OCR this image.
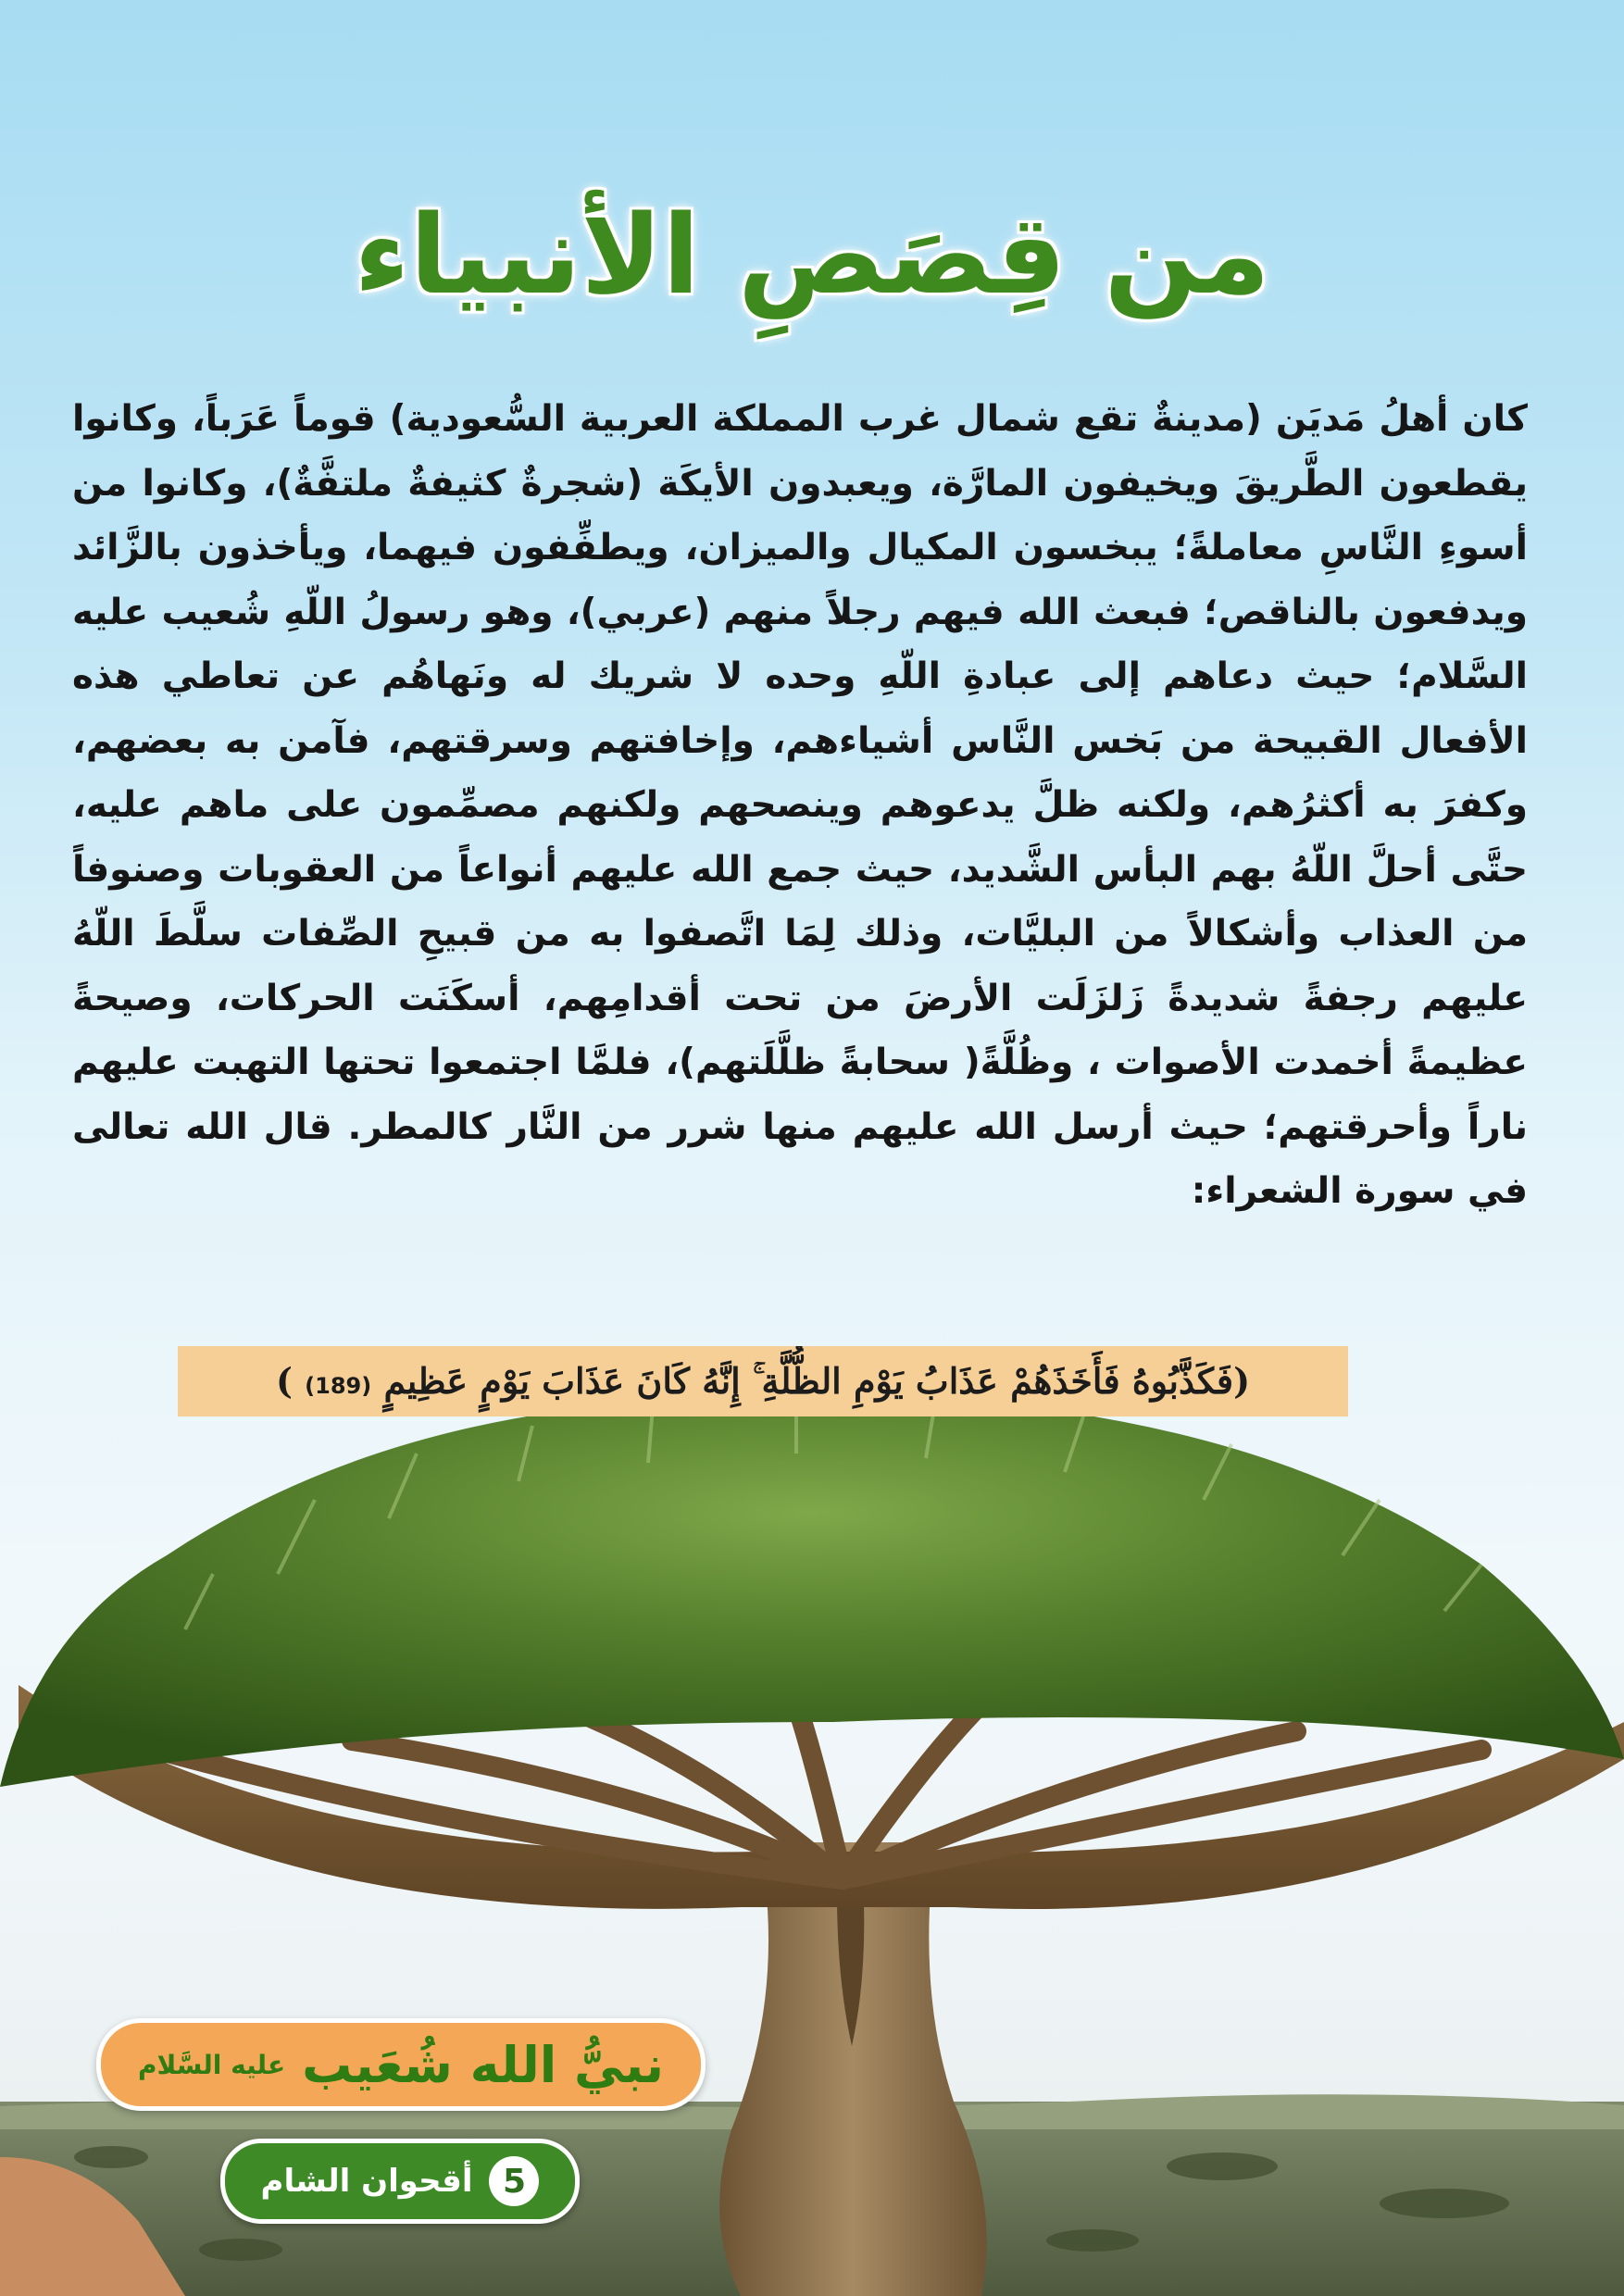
من قِصَصِ الأنبياء
كان أهلُ مَديَن (مدينةٌ تقع شمال غرب المملكة العربية السُّعودية) قوماً عَرَباً، وكانوا يقطعون الطَّريقَ ويخيفون المارَّة، ويعبدون الأيكَة (شجرةٌ كثيفةٌ ملتفَّةٌ)، وكانوا من أسوءِ النَّاسِ معاملةً؛ يبخسون المكيال والميزان، ويطفِّفون فيهما، ويأخذون بالزَّائد ويدفعون بالناقص؛ فبعث الله فيهم رجلاً منهم (عربي)، وهو رسولُ اللّهِ شُعيب عليه السَّلام؛ حيث دعاهم إلى عبادةِ اللّهِ وحده لا شريك له ونَهاهُم عن تعاطي هذه الأفعال القبيحة من بَخس النَّاس أشياءهم، وإخافتهم وسرقتهم، فآمن به بعضهم، وكفرَ به أكثرُهم، ولكنه ظلَّ يدعوهم وينصحهم ولكنهم مصمِّمون على ماهم عليه، حتَّى أحلَّ اللّهُ بهم البأس الشَّديد، حيث جمع الله عليهم أنواعاً من العقوبات وصنوفاً من العذاب وأشكالاً من البليَّات، وذلك لِمَا اتَّصفوا به من قبيحِ الصِّفات سلَّطَ اللّهُ عليهم رجفةً شديدةً زَلزَلَت الأرضَ من تحت أقدامِهم، أسكَنَت الحركات، وصيحةً عظيمةً أخمدت الأصوات ، وظُلَّةً( سحابةً ظلَّلَتهم)، فلمَّا اجتمعوا تحتها التهبت عليهم ناراً وأحرقتهم؛ حيث أرسل الله عليهم منها شرر من النَّار كالمطر. قال الله تعالى في سورة الشعراء:
(فَكَذَّبُوهُ فَأَخَذَهُمْ عَذَابُ يَوْمِ الظُّلَّةِ ۚ إِنَّهُ كَانَ عَذَابَ يَوْمٍ عَظِيمٍ (189) )
نبيُّ الله شُعَيب
عليه السَّلام
5
أقحوان الشام
